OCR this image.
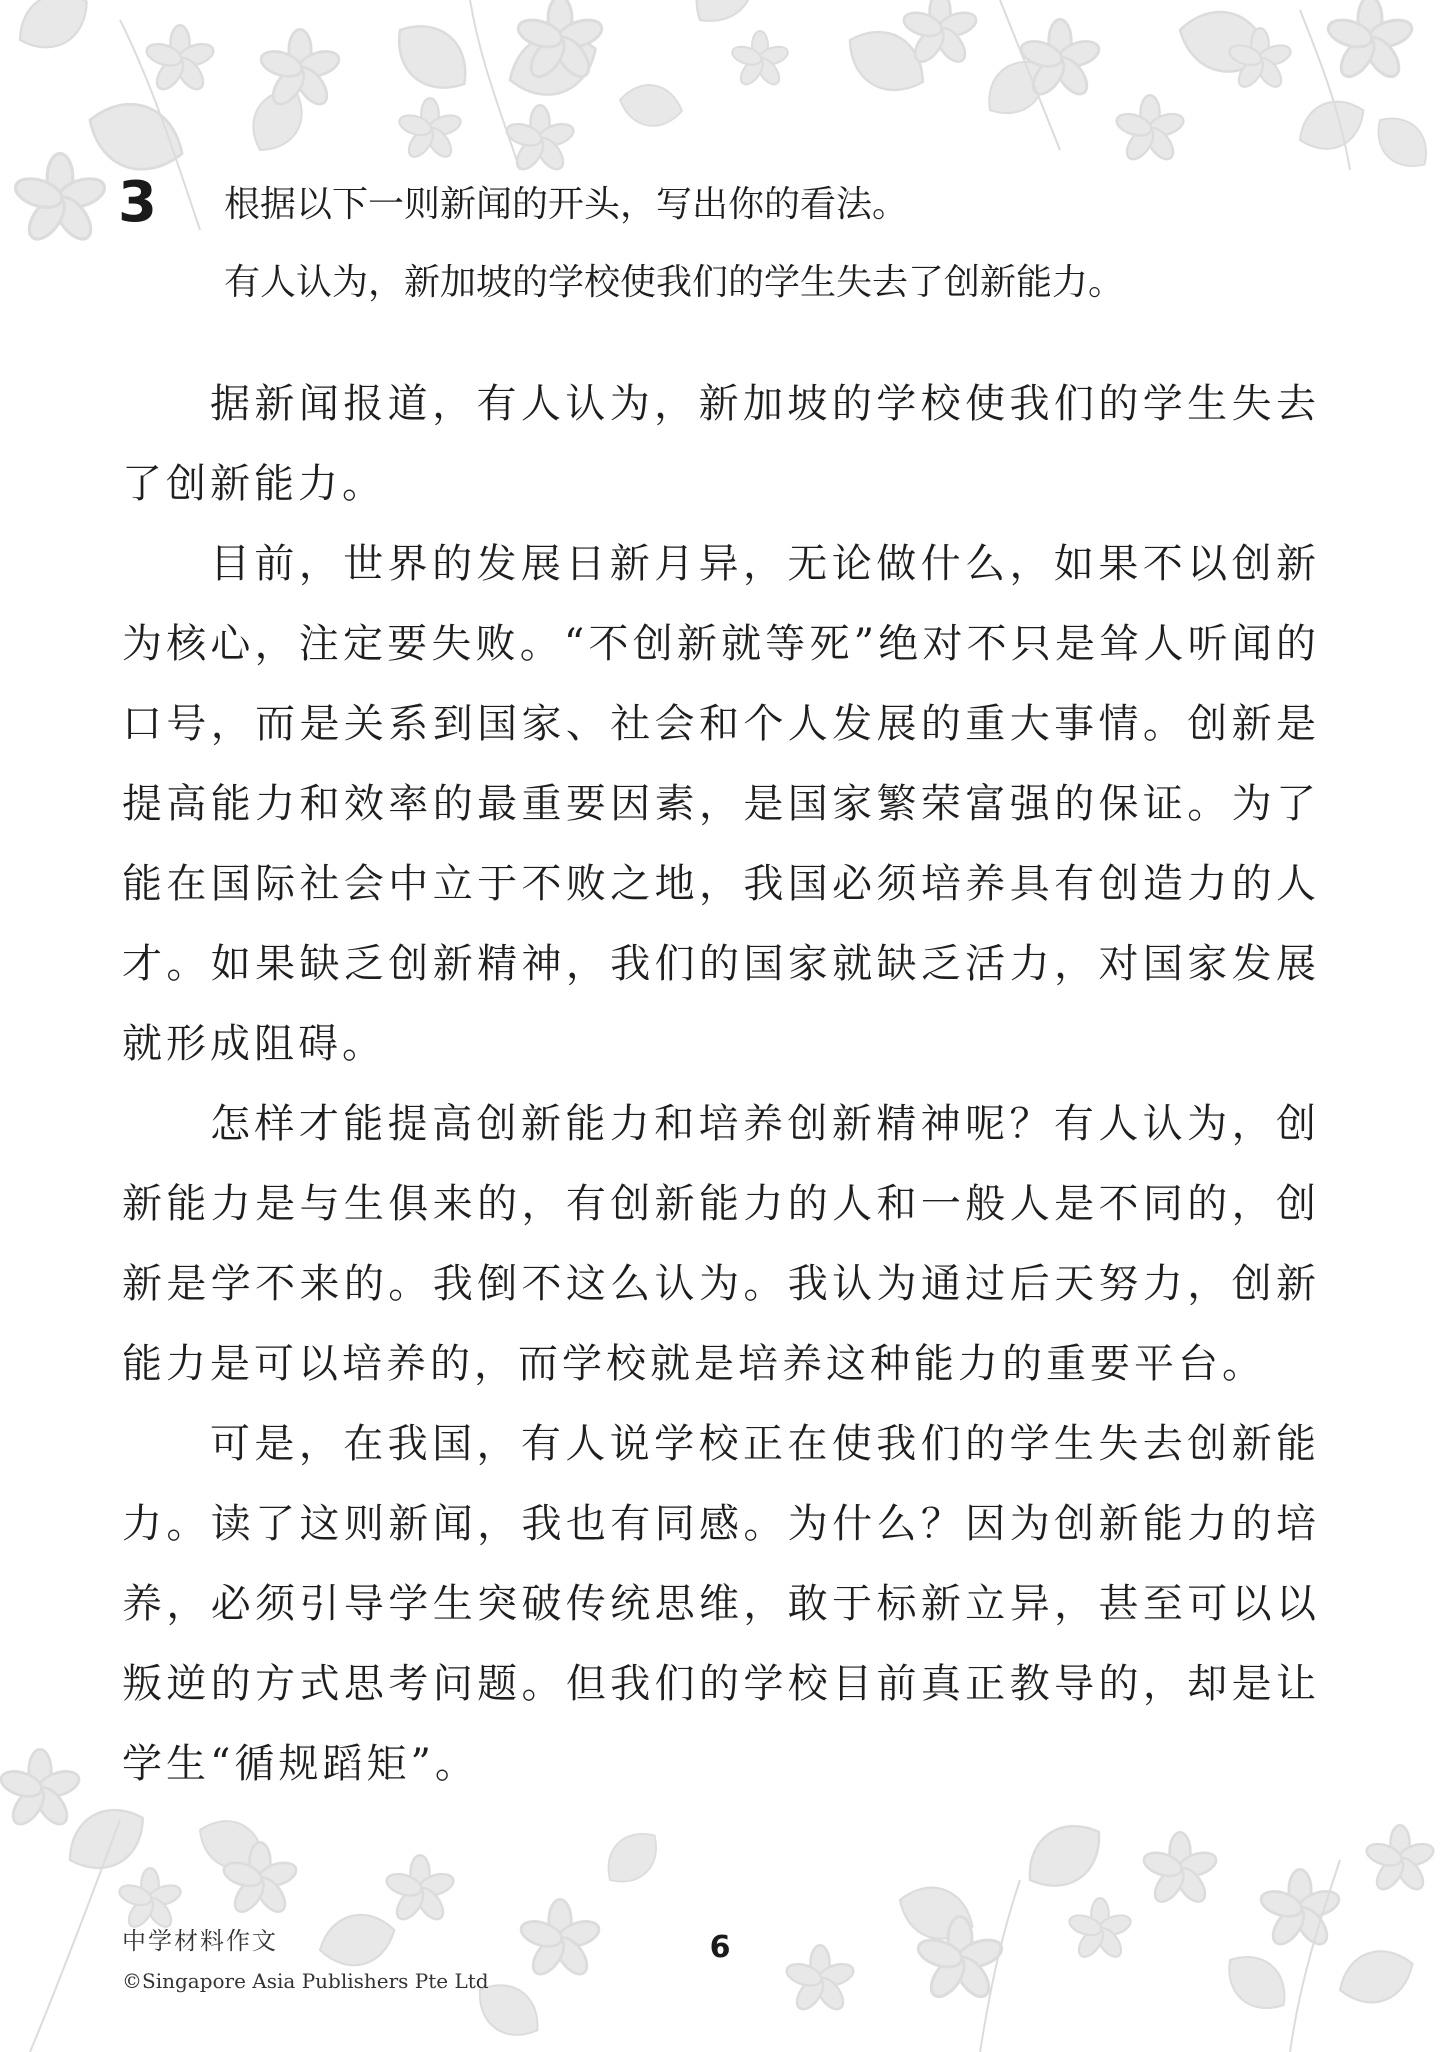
3 根据以下一则新闻的开头，写出你的看法。
有人认为，新加坡的学校使我们的学生失去了创新能力。

据新闻报道，有人认为，新加坡的学校使我们的学生失去了创新能力。

目前，世界的发展日新月异，无论做什么，如果不以创新为核心，注定要失败。“不创新就等死”绝对不只是耸人听闻的口号，而是关系到国家、社会和个人发展的重大事情。创新是提高能力和效率的最重要因素，是国家繁荣富强的保证。为了能在国际社会中立于不败之地，我国必须培养具有创造力的人才。如果缺乏创新精神，我们的国家就缺乏活力，对国家发展就形成阻碍。

怎样才能提高创新能力和培养创新精神呢？有人认为，创新能力是与生俱来的，有创新能力的人和一般人是不同的，创新是学不来的。我倒不这么认为。我认为通过后天努力，创新能力是可以培养的，而学校就是培养这种能力的重要平台。

可是，在我国，有人说学校正在使我们的学生失去创新能力。读了这则新闻，我也有同感。为什么？因为创新能力的培养，必须引导学生突破传统思维，敢于标新立异，甚至可以以叛逆的方式思考问题。但我们的学校目前真正教导的，却是让学生“循规蹈矩”。

中学材料作文
©Singapore Asia Publishers Pte Ltd
6
